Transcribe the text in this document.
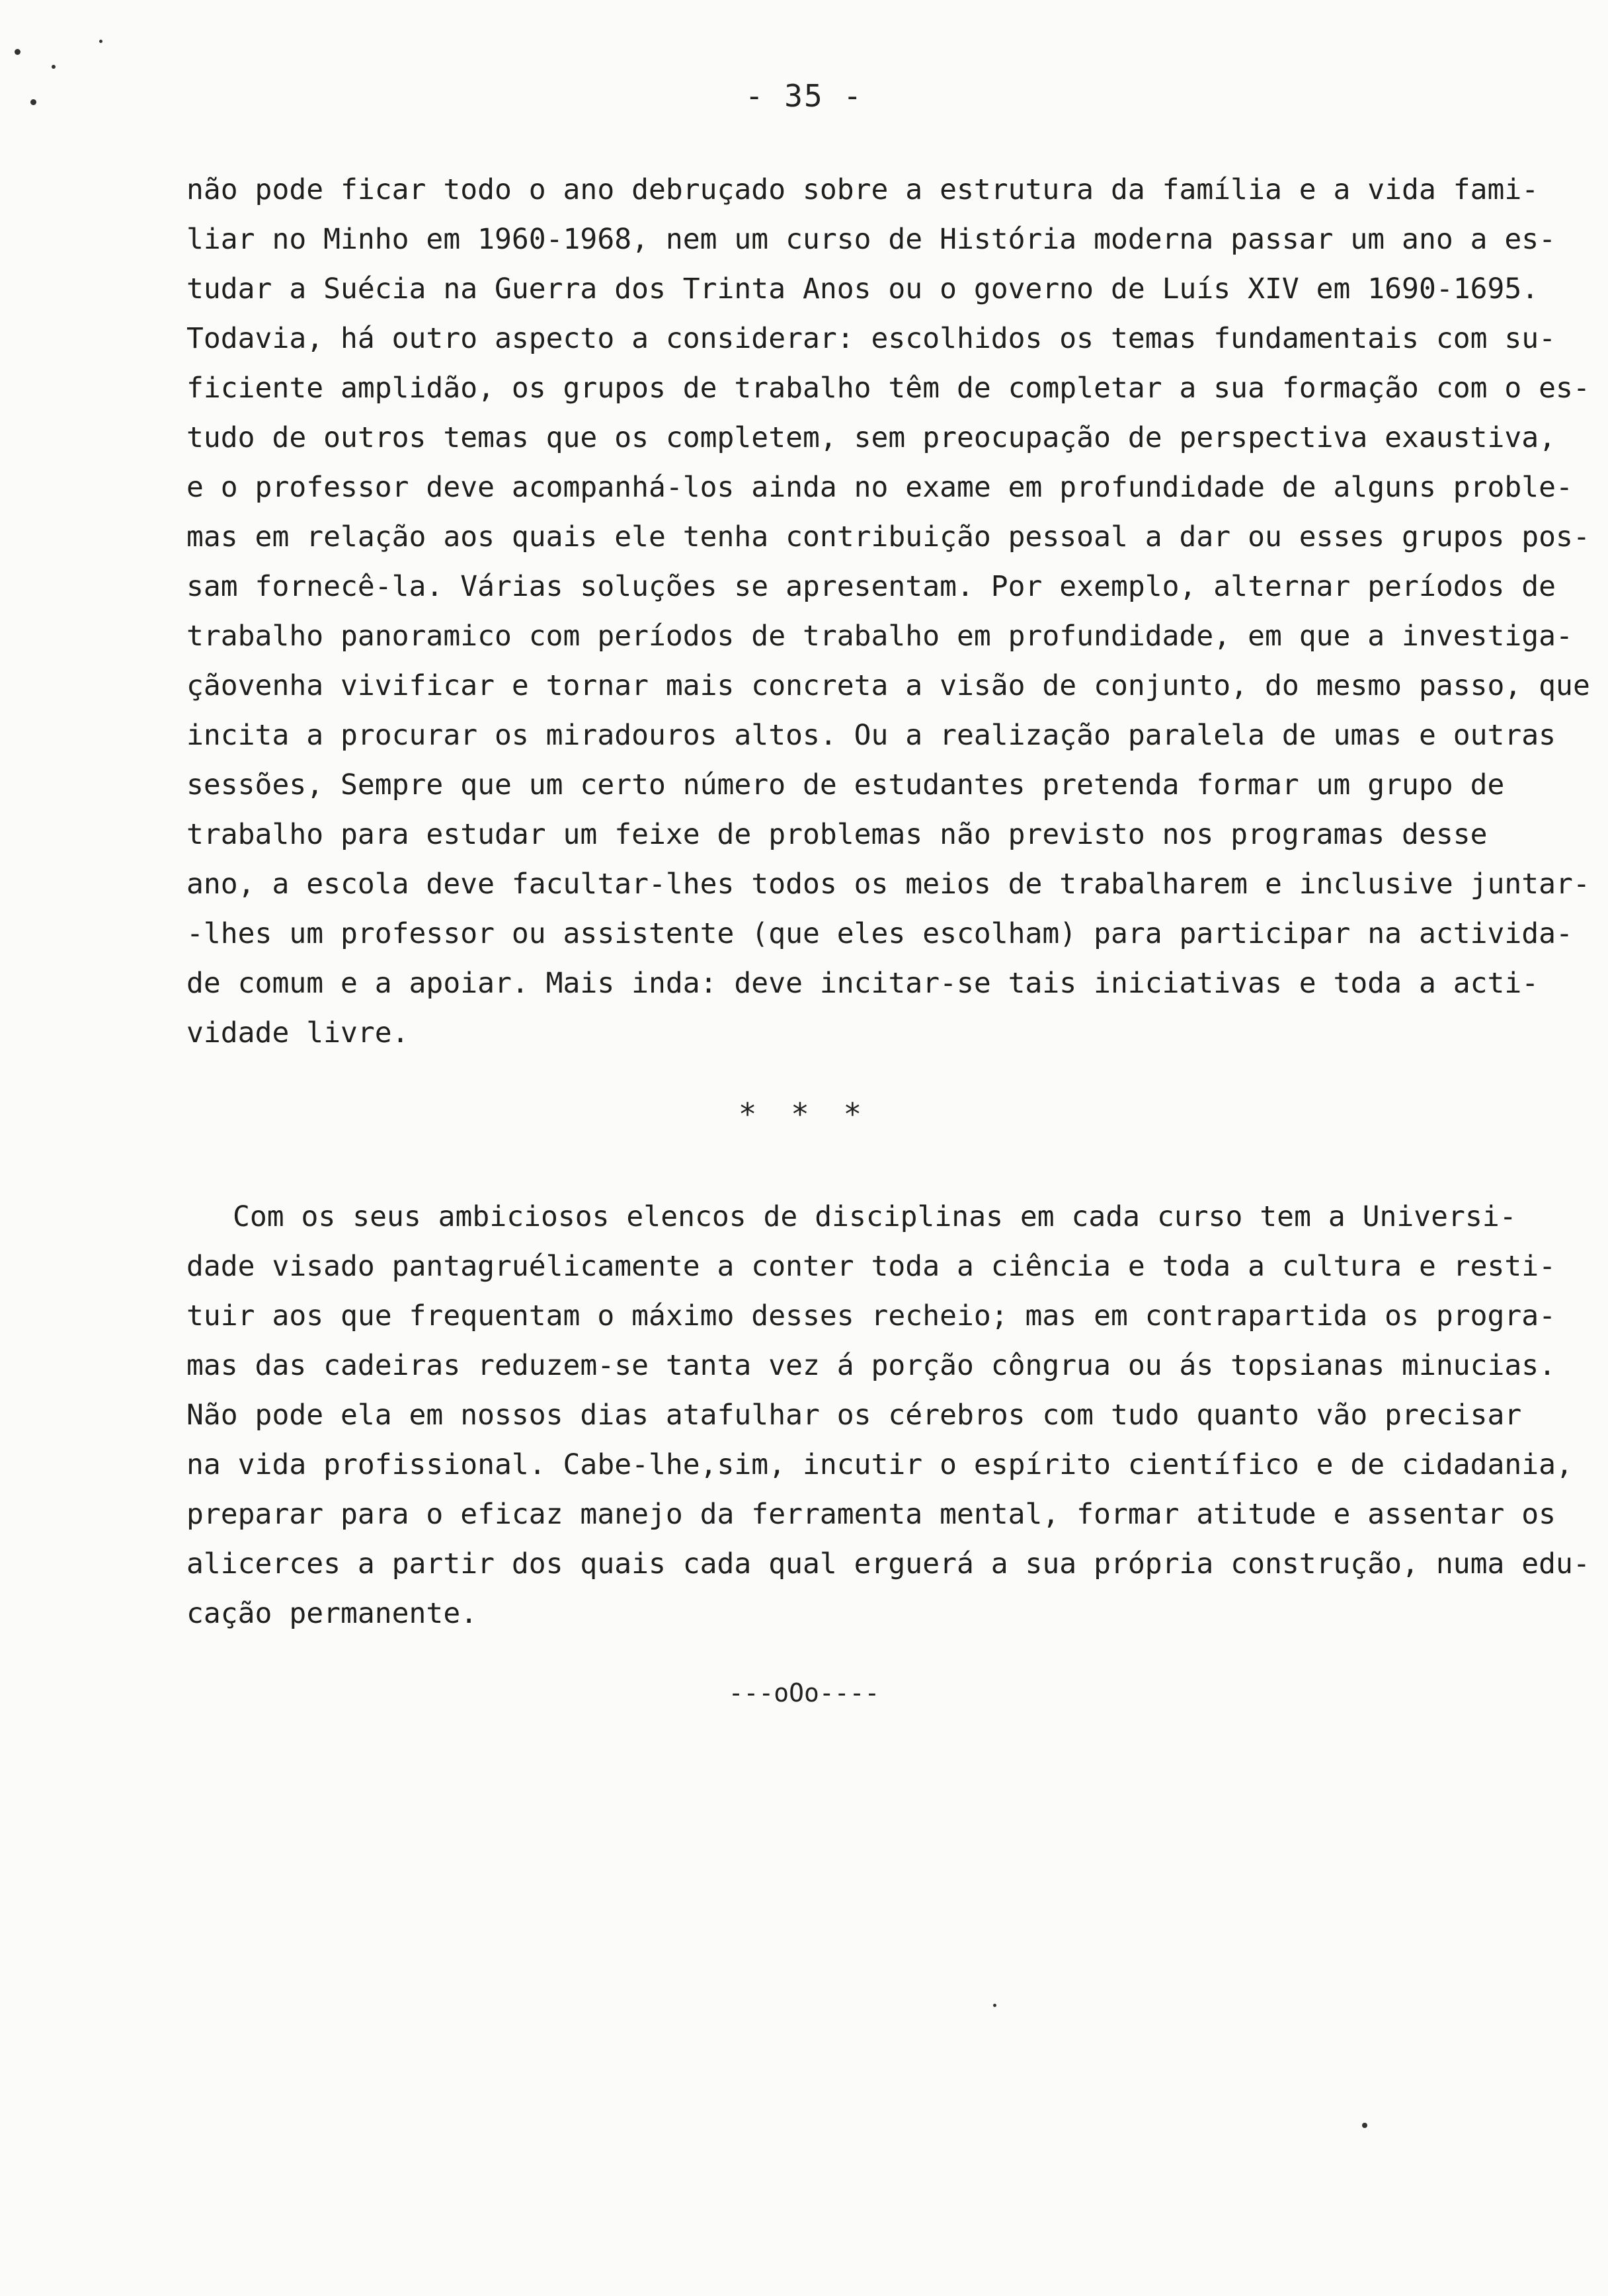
- 35 -
não pode ficar todo o ano debruçado sobre a estrutura da família e a vida fami-
liar no Minho em 1960-1968, nem um curso de História moderna passar um ano a es-
tudar a Suécia na Guerra dos Trinta Anos ou o governo de Luís XIV em 1690-1695.
Todavia, há outro aspecto a considerar: escolhidos os temas fundamentais com su-
ficiente amplidão, os grupos de trabalho têm de completar a sua formação com o es-
tudo de outros temas que os completem, sem preocupação de perspectiva exaustiva,
e o professor deve acompanhá-los ainda no exame em profundidade de alguns proble-
mas em relação aos quais ele tenha contribuição pessoal a dar ou esses grupos pos-
sam fornecê-la. Várias soluções se apresentam. Por exemplo, alternar períodos de
trabalho panoramico com períodos de trabalho em profundidade, em que a investiga-
çãovenha vivificar e tornar mais concreta a visão de conjunto, do mesmo passo, que
incita a procurar os miradouros altos. Ou a realização paralela de umas e outras
sessões, Sempre que um certo número de estudantes pretenda formar um grupo de
trabalho para estudar um feixe de problemas não previsto nos programas desse
ano, a escola deve facultar-lhes todos os meios de trabalharem e inclusive juntar-
-lhes um professor ou assistente (que eles escolham) para participar na activida-
de comum e a apoiar. Mais inda: deve incitar-se tais iniciativas e toda a acti-
vidade livre.
* * *
Com os seus ambiciosos elencos de disciplinas em cada curso tem a Universi-
dade visado pantagruélicamente a conter toda a ciência e toda a cultura e resti-
tuir aos que frequentam o máximo desses recheio; mas em contrapartida os progra-
mas das cadeiras reduzem-se tanta vez á porção côngrua ou ás topsianas minucias.
Não pode ela em nossos dias atafulhar os cérebros com tudo quanto vão precisar
na vida profissional. Cabe-lhe,sim, incutir o espírito científico e de cidadania,
preparar para o eficaz manejo da ferramenta mental, formar atitude e assentar os
alicerces a partir dos quais cada qual erguerá a sua própria construção, numa edu-
cação permanente.
---oOo----
